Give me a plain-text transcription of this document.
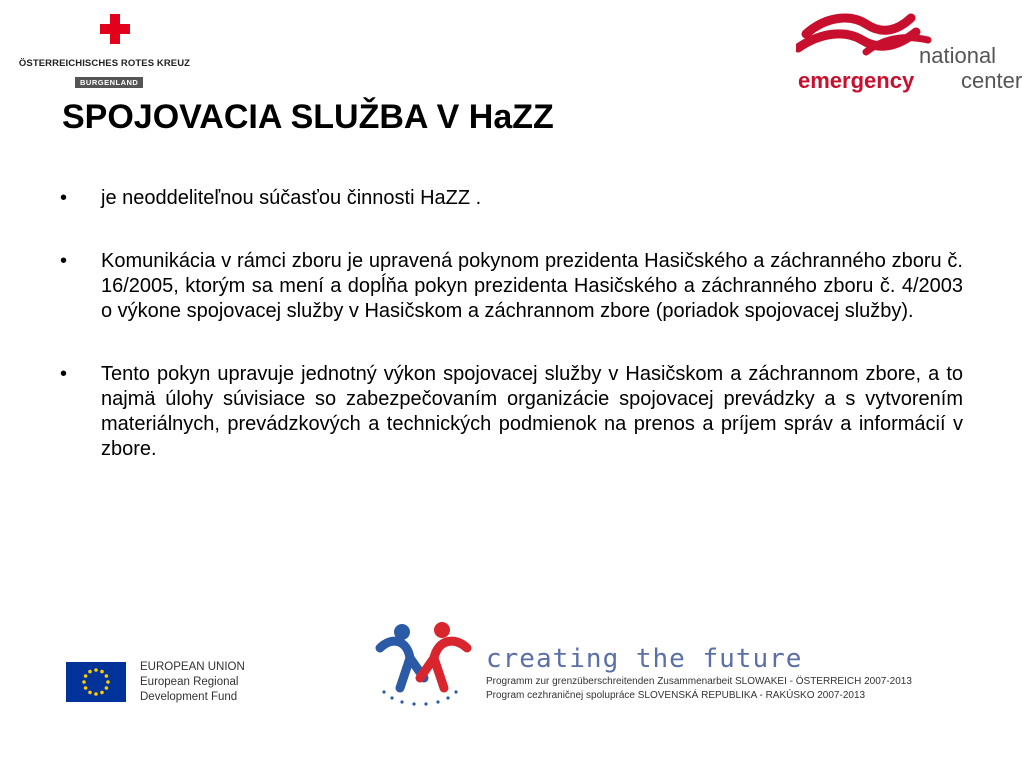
ÖSTERREICHISCHES ROTES KREUZ
BURGENLAND
national
emergency center
SPOJOVACIA SLUŽBA V HaZZ
• je neoddeliteľnou súčasťou činnosti HaZZ .
• Komunikácia v rámci zboru je upravená pokynom prezidenta Hasičského a záchranného zboru č. 16/2005, ktorým sa mení a dopĺňa pokyn prezidenta Hasičského a záchranného zboru č. 4/2003 o výkone spojovacej služby v Hasičskom a záchrannom zbore (poriadok spojovacej služby).
• Tento pokyn upravuje jednotný výkon spojovacej služby v Hasičskom a záchrannom zbore, a to najmä úlohy súvisiace so zabezpečovaním organizácie spojovacej prevádzky a s vytvorením materiálnych, prevádzkových a technických podmienok na prenos a príjem správ a informácií v zbore.
EUROPEAN UNION
European Regional
Development Fund
creating the future
Programm zur grenzüberschreitenden Zusammenarbeit SLOWAKEI - ÖSTERREICH 2007-2013
Program cezhraničnej spolupráce SLOVENSKÁ REPUBLIKA - RAKÚSKO 2007-2013
